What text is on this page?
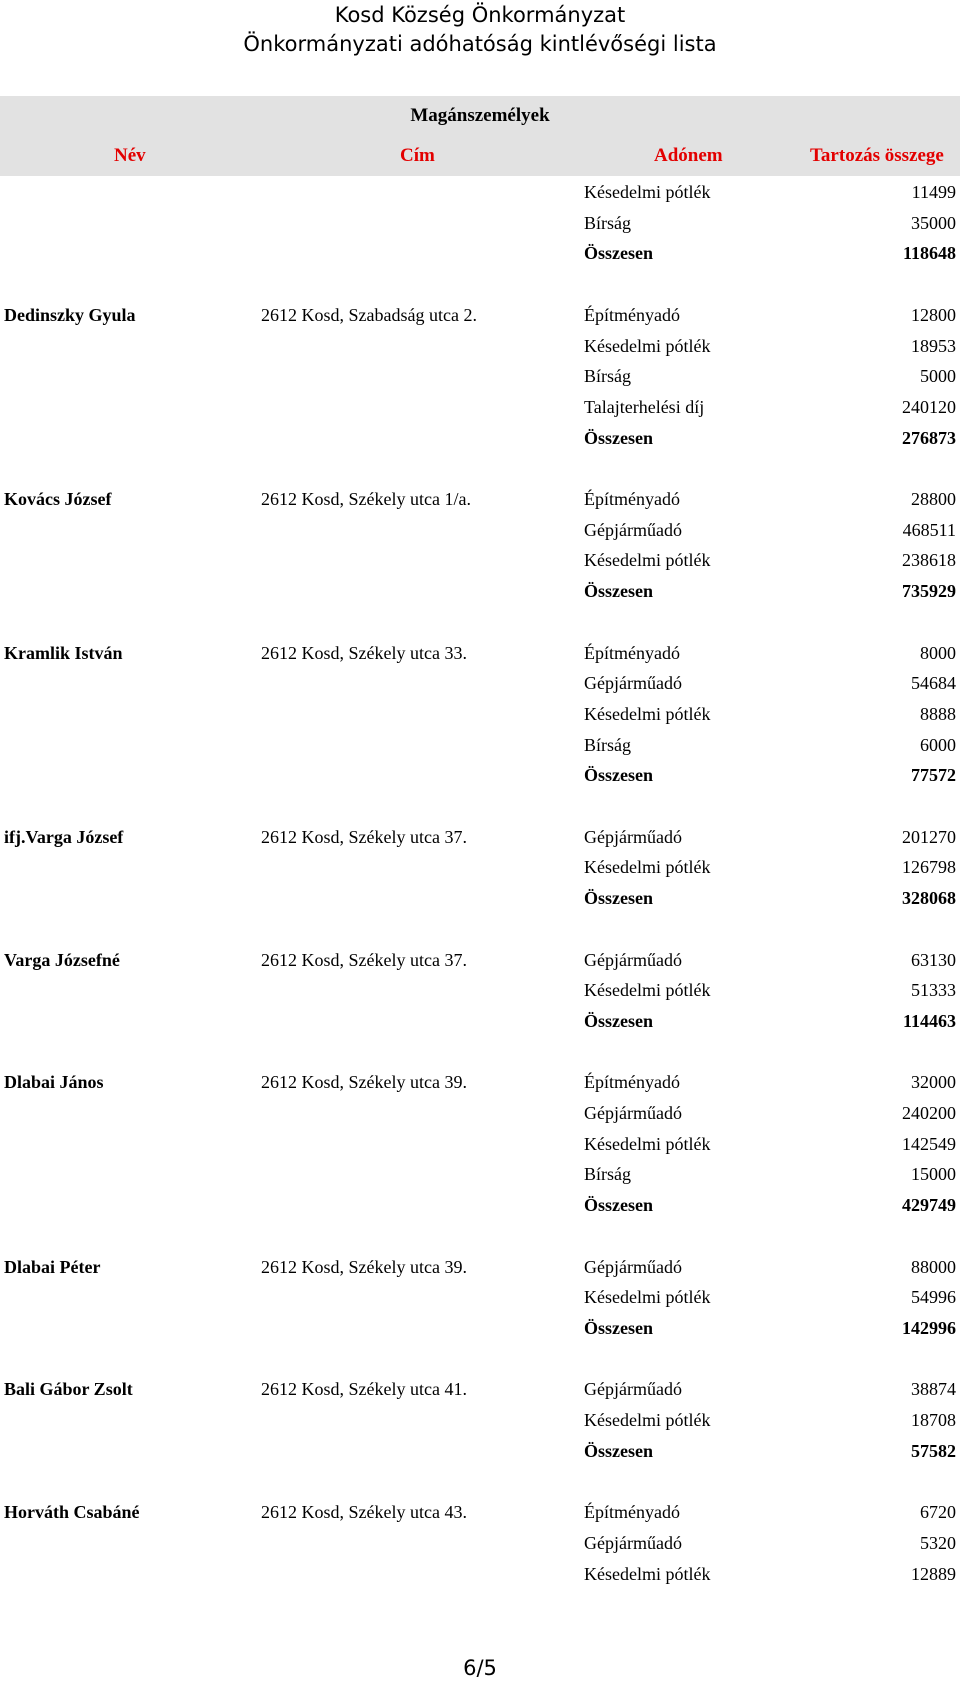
Kosd Község Önkormányzat
Önkormányzati adóhatóság kintlévőségi lista
Magánszemélyek
Név	Cím	Adónem	Tartozás összege
Késedelmi pótlék	11499
Bírság	35000
Összesen	118648
Dedinszky Gyula	2612 Kosd, Szabadság utca 2.	Építményadó	12800
Késedelmi pótlék	18953
Bírság	5000
Talajterhelési díj	240120
Összesen	276873
Kovács József	2612 Kosd, Székely utca 1/a.	Építményadó	28800
Gépjárműadó	468511
Késedelmi pótlék	238618
Összesen	735929
Kramlik István	2612 Kosd, Székely utca 33.	Építményadó	8000
Gépjárműadó	54684
Késedelmi pótlék	8888
Bírság	6000
Összesen	77572
ifj.Varga József	2612 Kosd, Székely utca 37.	Gépjárműadó	201270
Késedelmi pótlék	126798
Összesen	328068
Varga Józsefné	2612 Kosd, Székely utca 37.	Gépjárműadó	63130
Késedelmi pótlék	51333
Összesen	114463
Dlabai János	2612 Kosd, Székely utca 39.	Építményadó	32000
Gépjárműadó	240200
Késedelmi pótlék	142549
Bírság	15000
Összesen	429749
Dlabai Péter	2612 Kosd, Székely utca 39.	Gépjárműadó	88000
Késedelmi pótlék	54996
Összesen	142996
Bali Gábor Zsolt	2612 Kosd, Székely utca 41.	Gépjárműadó	38874
Késedelmi pótlék	18708
Összesen	57582
Horváth Csabáné	2612 Kosd, Székely utca 43.	Építményadó	6720
Gépjárműadó	5320
Késedelmi pótlék	12889
6/5
